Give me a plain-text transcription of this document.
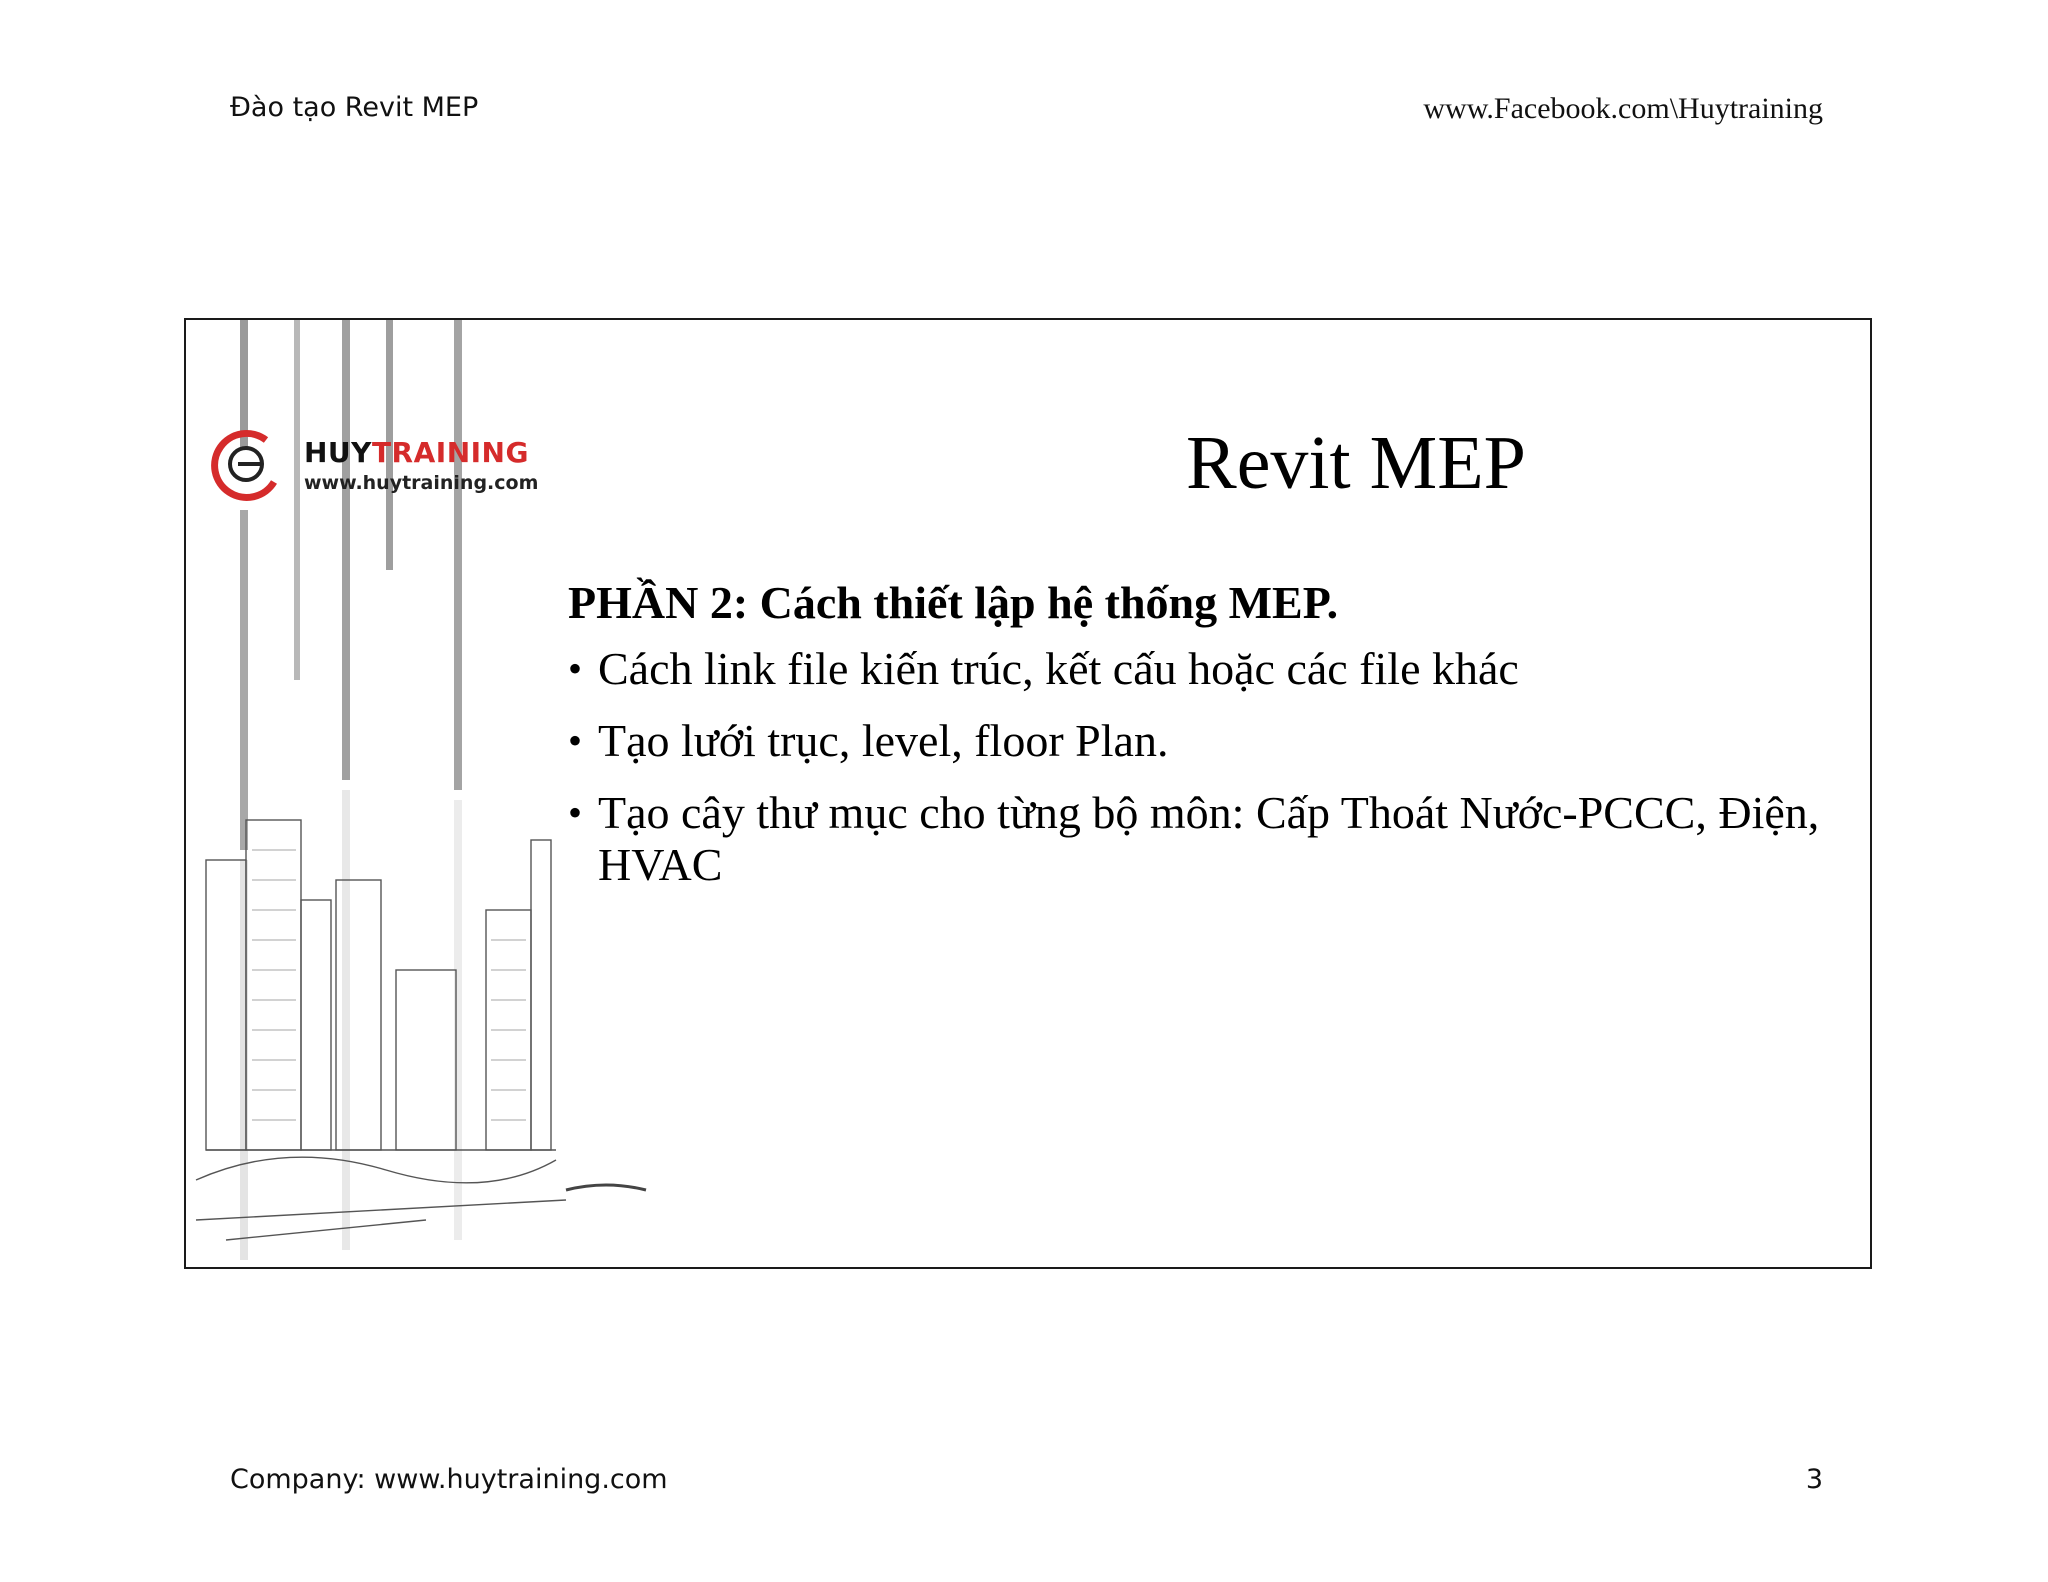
Đào tạo Revit MEP	www.Facebook.com\Huytraining
HUYTRAINING
www.huytraining.com	Revit MEP
PHẦN 2: Cách thiết lập hệ thống MEP.
• Cách link file kiến trúc, kết cấu hoặc các file khác
• Tạo lưới trục, level, floor Plan.
• Tạo cây thư mục cho từng bộ môn: Cấp Thoát Nước-PCCC, Điện, HVAC
Company: www.huytraining.com	3
